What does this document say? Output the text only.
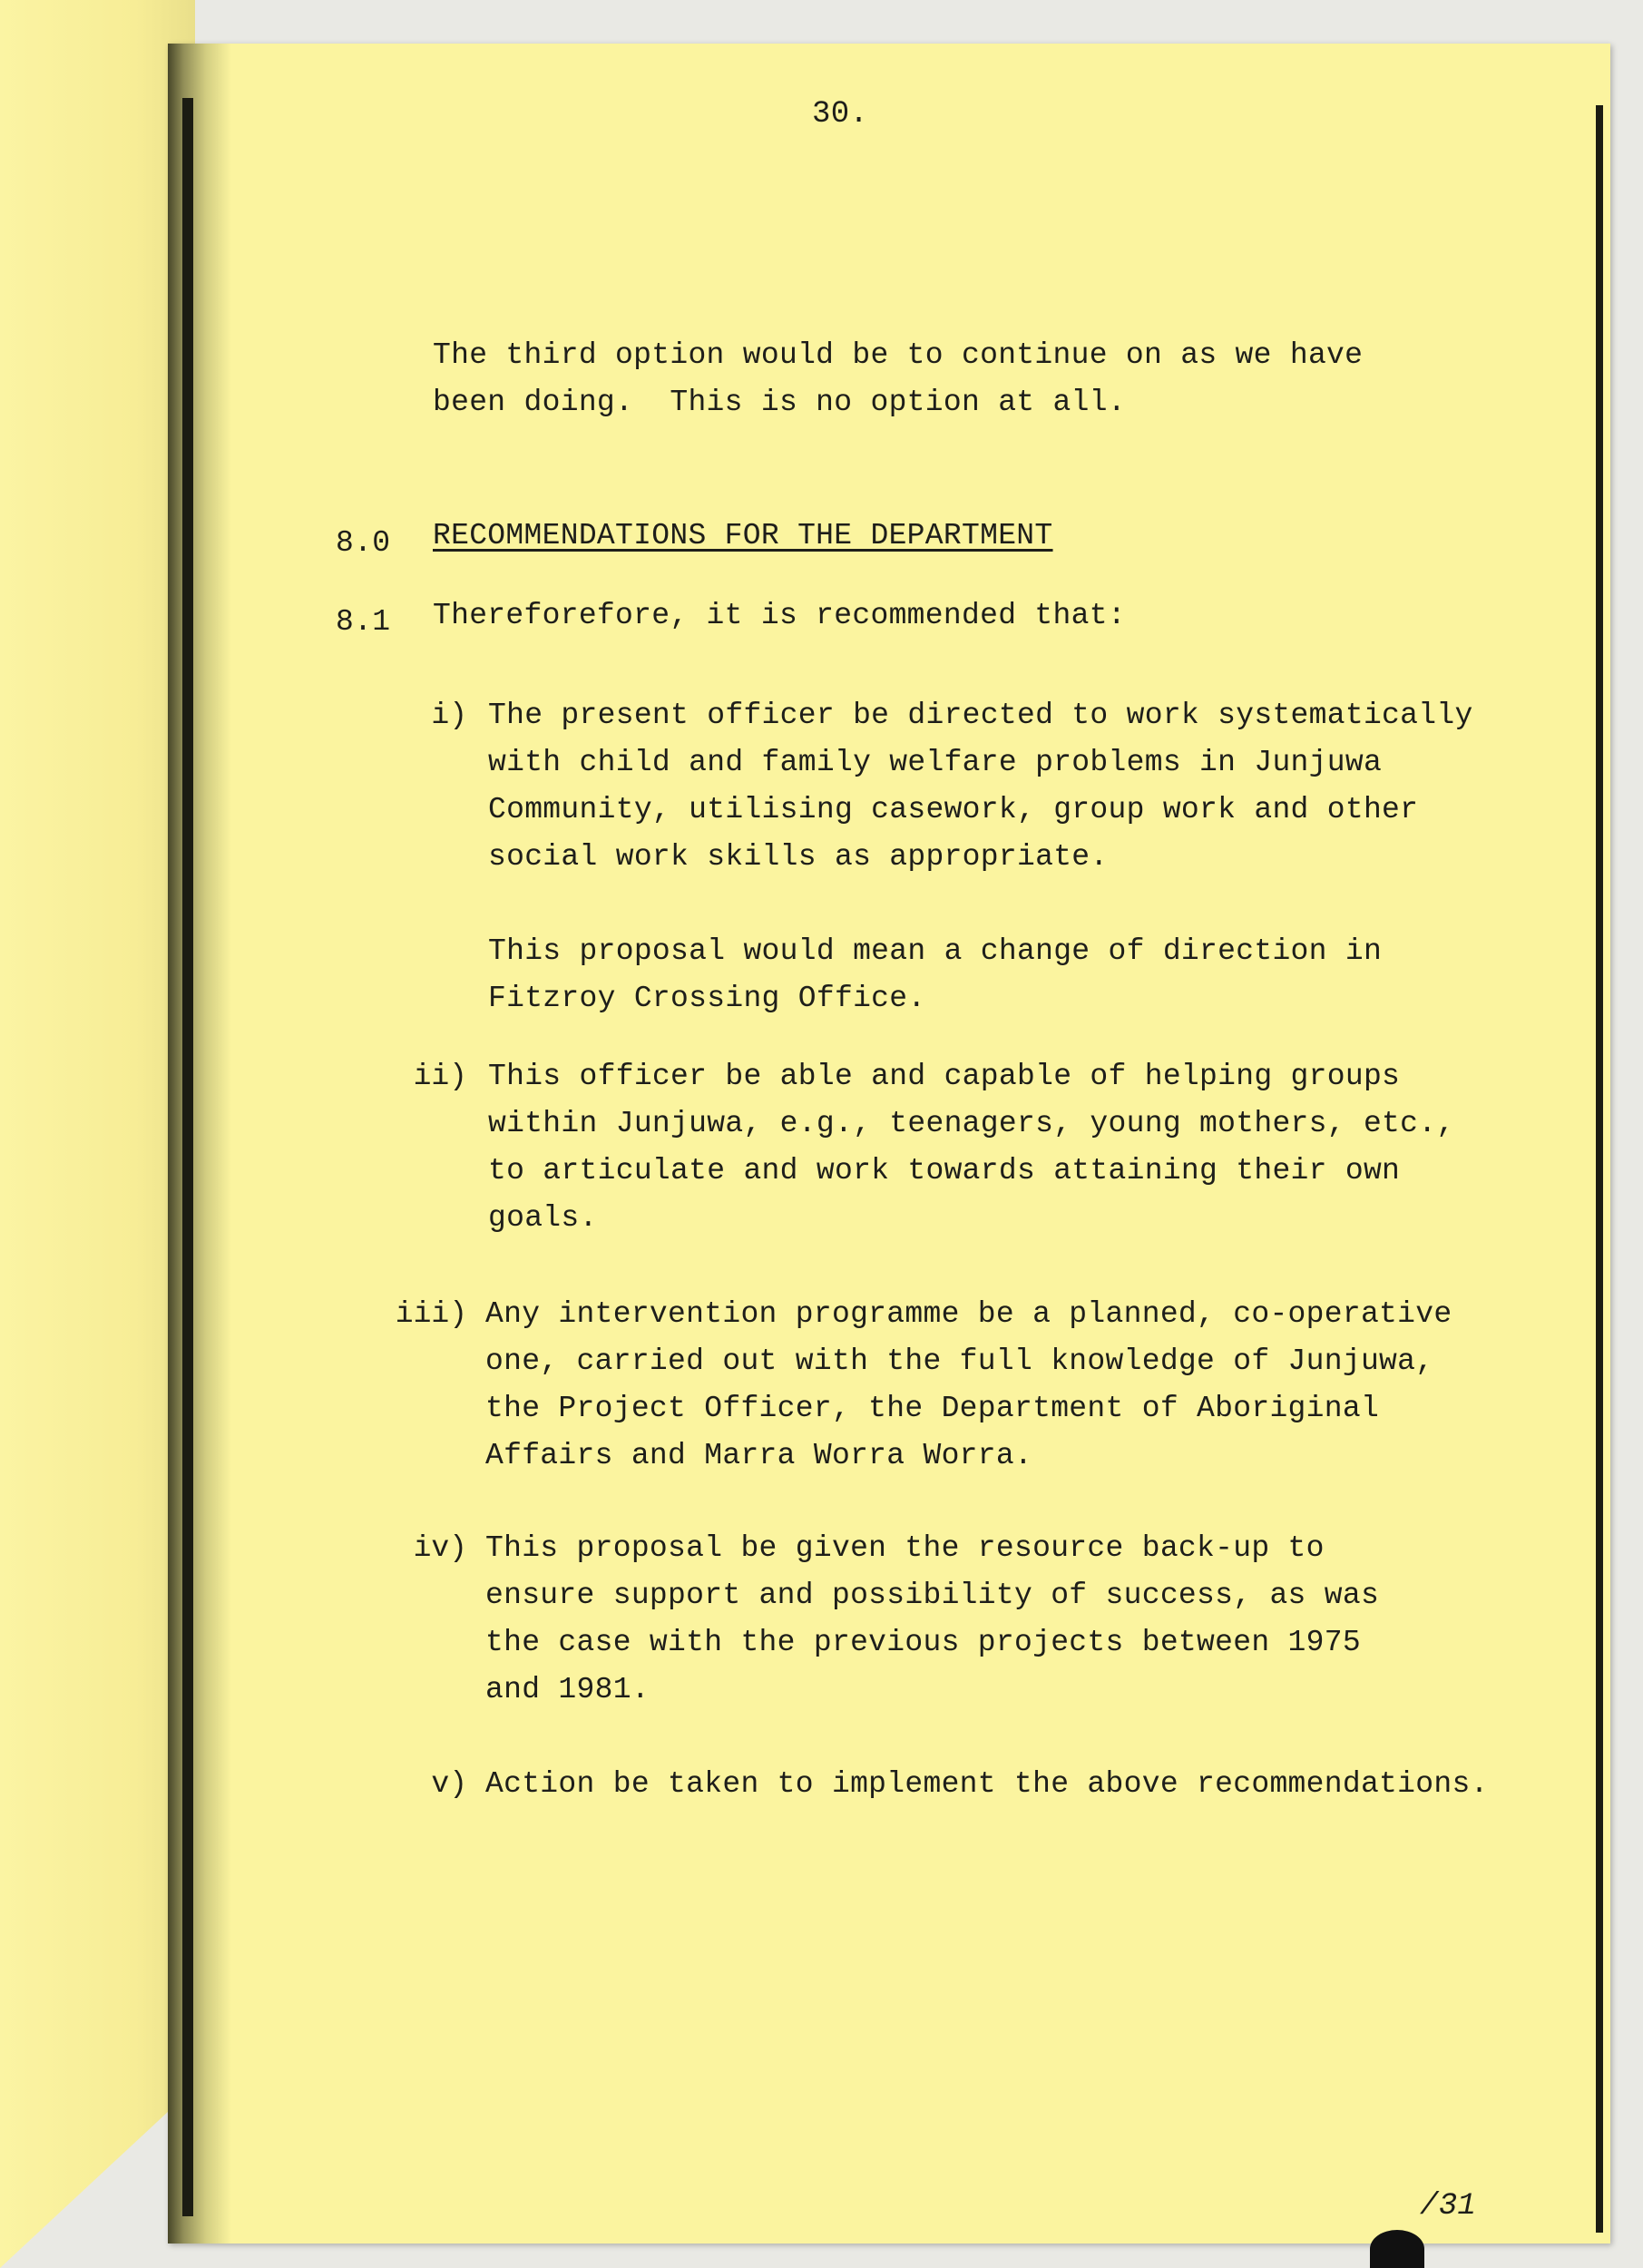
30.

The third option would be to continue on as we have
been doing.  This is no option at all.

8.0 RECOMMENDATIONS FOR THE DEPARTMENT

8.1 Thereforefore, it is recommended that:

i) The present officer be directed to work systematically
with child and family welfare problems in Junjuwa
Community, utilising casework, group work and other
social work skills as appropriate.

This proposal would mean a change of direction in
Fitzroy Crossing Office.

ii) This officer be able and capable of helping groups
within Junjuwa, e.g., teenagers, young mothers, etc.,
to articulate and work towards attaining their own
goals.

iii) Any intervention programme be a planned, co-operative
one, carried out with the full knowledge of Junjuwa,
the Project Officer, the Department of Aboriginal
Affairs and Marra Worra Worra.

iv) This proposal be given the resource back-up to
ensure support and possibility of success, as was
the case with the previous projects between 1975
and 1981.

v) Action be taken to implement the above recommendations.

/31
